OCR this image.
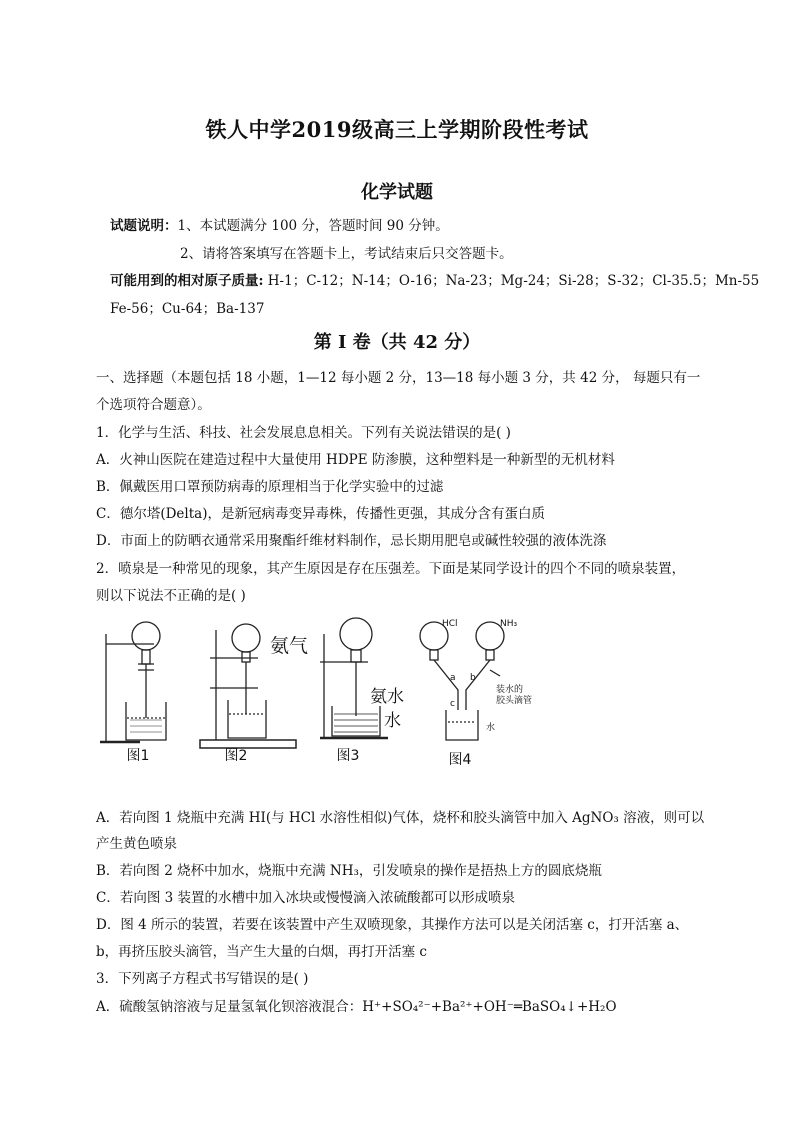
铁人中学2019级高三上学期阶段性考试
化学试题
试题说明：1、本试题满分 100 分，答题时间 90 分钟。
2、请将答案填写在答题卡上，考试结束后只交答题卡。
可能用到的相对原子质量: H-1；C-12；N-14；O-16；Na-23；Mg-24；Si-28；S-32；Cl-35.5；Mn-55
Fe-56；Cu-64；Ba-137
第 I 卷（共 42 分）
一、选择题（本题包括 18 小题，1—12 每小题 2 分，13—18 每小题 3 分，共 42 分， 每题只有一
个选项符合题意）。
1．化学与生活、科技、社会发展息息相关。下列有关说法错误的是( )
A．火神山医院在建造过程中大量使用 HDPE 防渗膜，这种塑料是一种新型的无机材料
B．佩戴医用口罩预防病毒的原理相当于化学实验中的过滤
C．德尔塔(Delta)，是新冠病毒变异毒株，传播性更强，其成分含有蛋白质
D．市面上的防晒衣通常采用聚酯纤维材料制作，忌长期用肥皂或碱性较强的液体洗涤
2．喷泉是一种常见的现象，其产生原因是存在压强差。下面是某同学设计的四个不同的喷泉装置，
则以下说法不正确的是( )
图1	图2
氨气
图3
氨水
水
图4
HCl	NH₃
a b
c
装水的
胶头滴管
水
A．若向图 1 烧瓶中充满 HI(与 HCl 水溶性相似)气体，烧杯和胶头滴管中加入 AgNO₃ 溶液，则可以
产生黄色喷泉
B．若向图 2 烧杯中加水，烧瓶中充满 NH₃，引发喷泉的操作是捂热上方的圆底烧瓶
C．若向图 3 装置的水槽中加入冰块或慢慢滴入浓硫酸都可以形成喷泉
D．图 4 所示的装置，若要在该装置中产生双喷现象，其操作方法可以是关闭活塞 c，打开活塞 a、
b，再挤压胶头滴管，当产生大量的白烟，再打开活塞 c
3．下列离子方程式书写错误的是( )
A．硫酸氢钠溶液与足量氢氧化钡溶液混合：H⁺+SO₄²⁻+Ba²⁺+OH⁻═BaSO₄↓+H₂O
